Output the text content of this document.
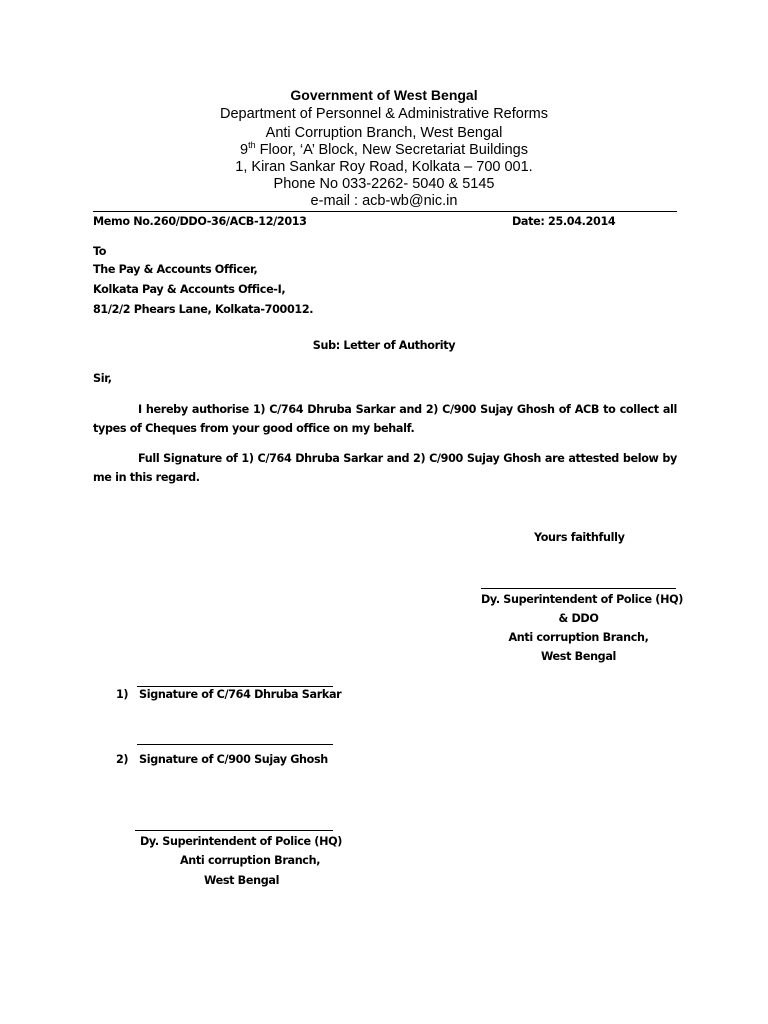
Government of West Bengal
Department of Personnel & Administrative Reforms
Anti Corruption Branch, West Bengal
9th Floor, ‘A’ Block, New Secretariat Buildings
1, Kiran Sankar Roy Road, Kolkata – 700 001.
Phone No 033-2262- 5040 & 5145
e-mail : acb-wb@nic.in
Memo No.260/DDO-36/ACB-12/2013	Date: 25.04.2014
To
The Pay & Accounts Officer,
Kolkata Pay & Accounts Office-I,
81/2/2 Phears Lane, Kolkata-700012.
Sub: Letter of Authority
Sir,
I hereby authorise 1) C/764 Dhruba Sarkar and 2) C/900 Sujay Ghosh of ACB to collect all types of Cheques from your good office on my behalf.
Full Signature of 1) C/764 Dhruba Sarkar and 2) C/900 Sujay Ghosh are attested below by me in this regard.
Yours faithfully
Dy. Superintendent of Police (HQ)
& DDO
Anti corruption Branch,
West Bengal
1) Signature of C/764 Dhruba Sarkar
2) Signature of C/900 Sujay Ghosh
Dy. Superintendent of Police (HQ)
Anti corruption Branch,
West Bengal
